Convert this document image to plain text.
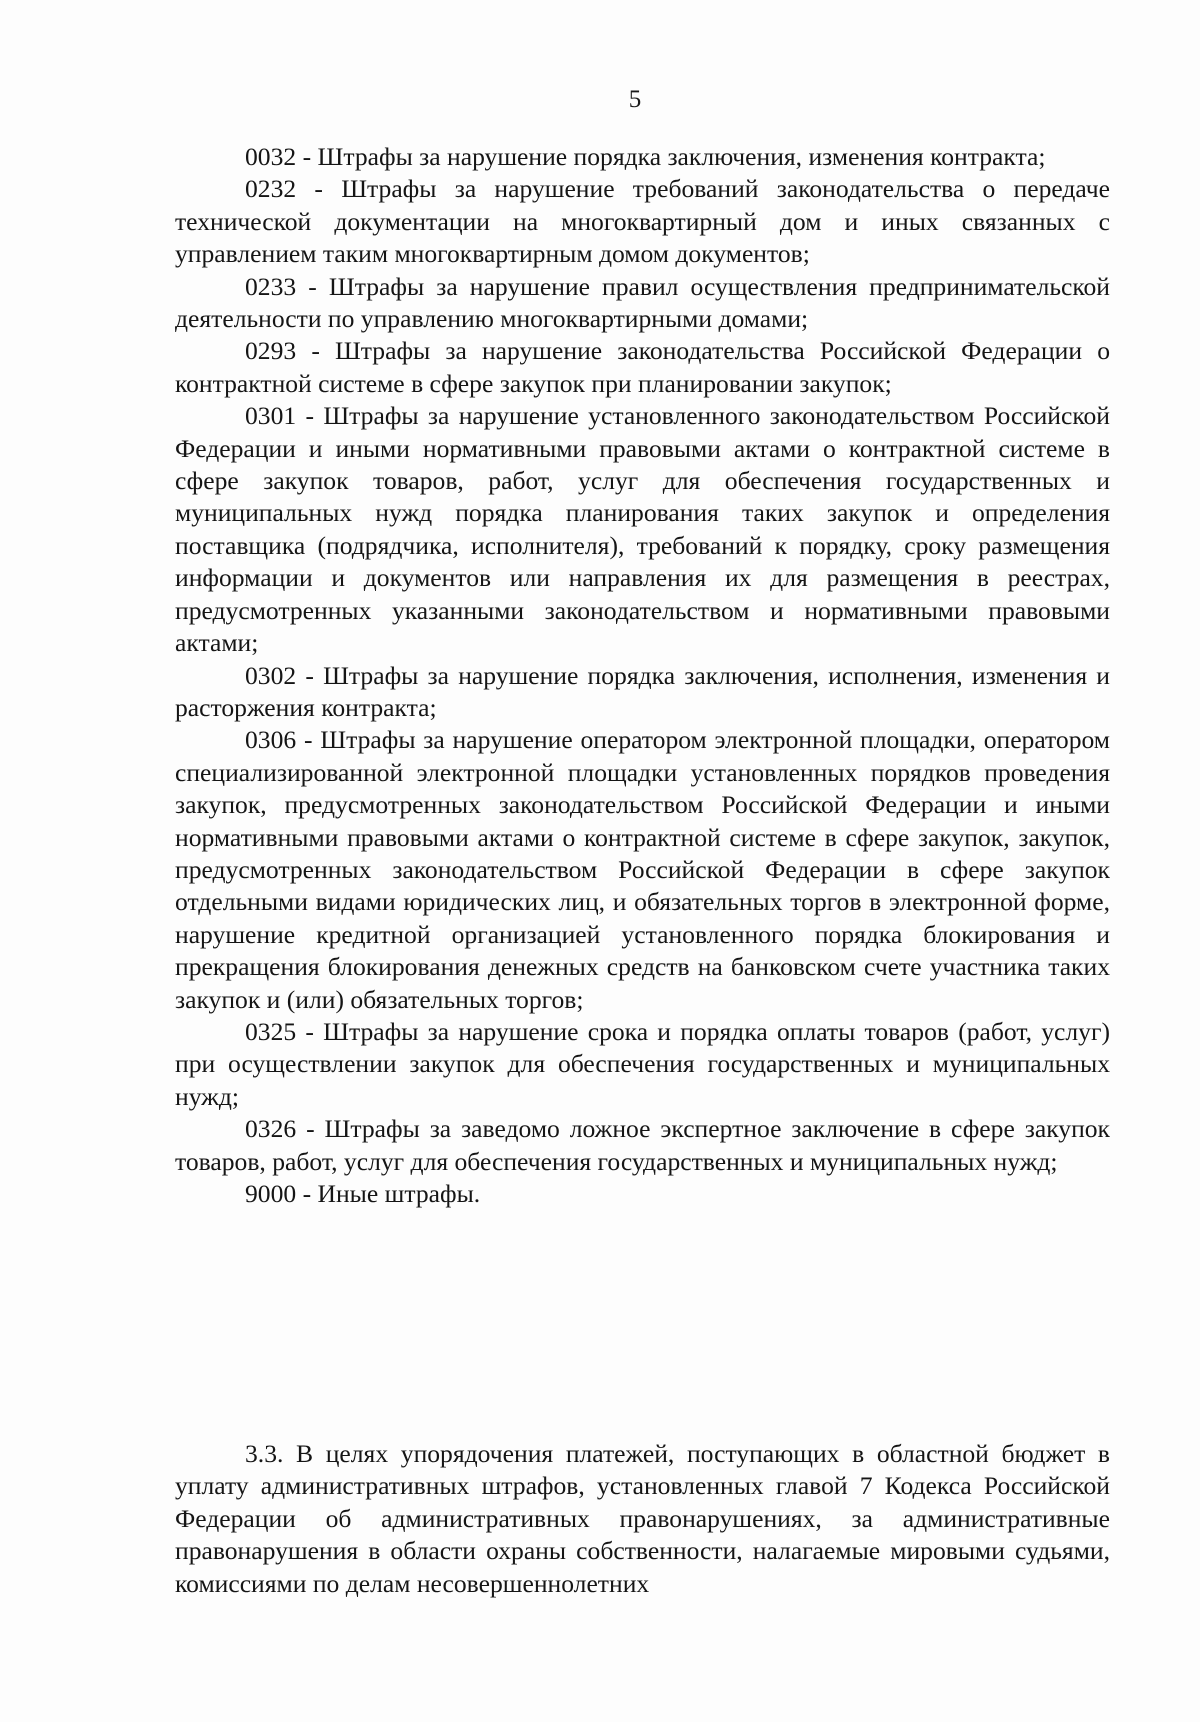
5

0032 - Штрафы за нарушение порядка заключения, изменения контракта;

0232 - Штрафы за нарушение требований законодательства о передаче технической документации на многоквартирный дом и иных связанных с управлением таким многоквартирным домом документов;

0233 - Штрафы за нарушение правил осуществления предпринимательской деятельности по управлению многоквартирными домами;

0293 - Штрафы за нарушение законодательства Российской Федерации о контрактной системе в сфере закупок при планировании закупок;

0301 - Штрафы за нарушение установленного законодательством Российской Федерации и иными нормативными правовыми актами о контрактной системе в сфере закупок товаров, работ, услуг для обеспечения государственных и муниципальных нужд порядка планирования таких закупок и определения поставщика (подрядчика, исполнителя), требований к порядку, сроку размещения информации и документов или направления их для размещения в реестрах, предусмотренных указанными законодательством и нормативными правовыми актами;

0302 - Штрафы за нарушение порядка заключения, исполнения, изменения и расторжения контракта;

0306 - Штрафы за нарушение оператором электронной площадки, оператором специализированной электронной площадки установленных порядков проведения закупок, предусмотренных законодательством Российской Федерации и иными нормативными правовыми актами о контрактной системе в сфере закупок, закупок, предусмотренных законодательством Российской Федерации в сфере закупок отдельными видами юридических лиц, и обязательных торгов в электронной форме, нарушение кредитной организацией установленного порядка блокирования и прекращения блокирования денежных средств на банковском счете участника таких закупок и (или) обязательных торгов;

0325 - Штрафы за нарушение срока и порядка оплаты товаров (работ, услуг) при осуществлении закупок для обеспечения государственных и муниципальных нужд;

0326 - Штрафы за заведомо ложное экспертное заключение в сфере закупок товаров, работ, услуг для обеспечения государственных и муниципальных нужд;

9000 - Иные штрафы.

3.3. В целях упорядочения платежей, поступающих в областной бюджет в уплату административных штрафов, установленных главой 7 Кодекса Российской Федерации об административных правонарушениях, за административные правонарушения в области охраны собственности, налагаемые мировыми судьями, комиссиями по делам несовершеннолетних
